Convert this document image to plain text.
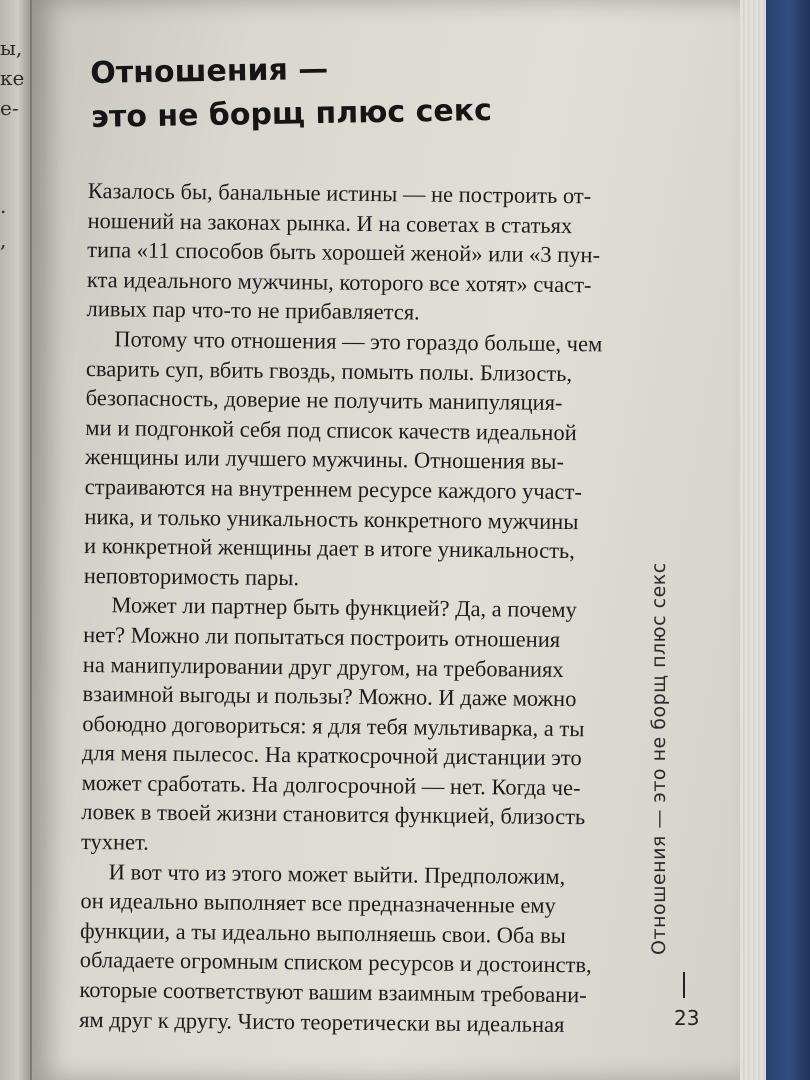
ы,
ке
е-
.
,
Отношения —
это не борщ плюс секс

Казалось бы, банальные истины — не построить от-

ношений на законах рынка. И на советах в статьях

типа «11 способов быть хорошей женой» или «3 пун-

кта идеального мужчины, которого все хотят» счаст-

ливых пар что-то не прибавляется.

Потому что отношения — это гораздо больше, чем

сварить суп, вбить гвоздь, помыть полы. Близость,

безопасность, доверие не получить манипуляция-

ми и подгонкой себя под список качеств идеальной

женщины или лучшего мужчины. Отношения вы-

страиваются на внутреннем ресурсе каждого участ-

ника, и только уникальность конкретного мужчины

и конкретной женщины дает в итоге уникальность,

неповторимость пары.

Может ли партнер быть функцией? Да, а почему

нет? Можно ли попытаться построить отношения

на манипулировании друг другом, на требованиях

взаимной выгоды и пользы? Можно. И даже можно

обоюдно договориться: я для тебя мультиварка, а ты

для меня пылесос. На краткосрочной дистанции это

может сработать. На долгосрочной — нет. Когда че-

ловек в твоей жизни становится функцией, близость

тухнет.

И вот что из этого может выйти. Предположим,

он идеально выполняет все предназначенные ему

функции, а ты идеально выполняешь свои. Оба вы

обладаете огромным списком ресурсов и достоинств,

которые соответствуют вашим взаимным требовани-

ям друг к другу. Чисто теоретически вы идеальная

Отношения — это не борщ плюс секс
23
